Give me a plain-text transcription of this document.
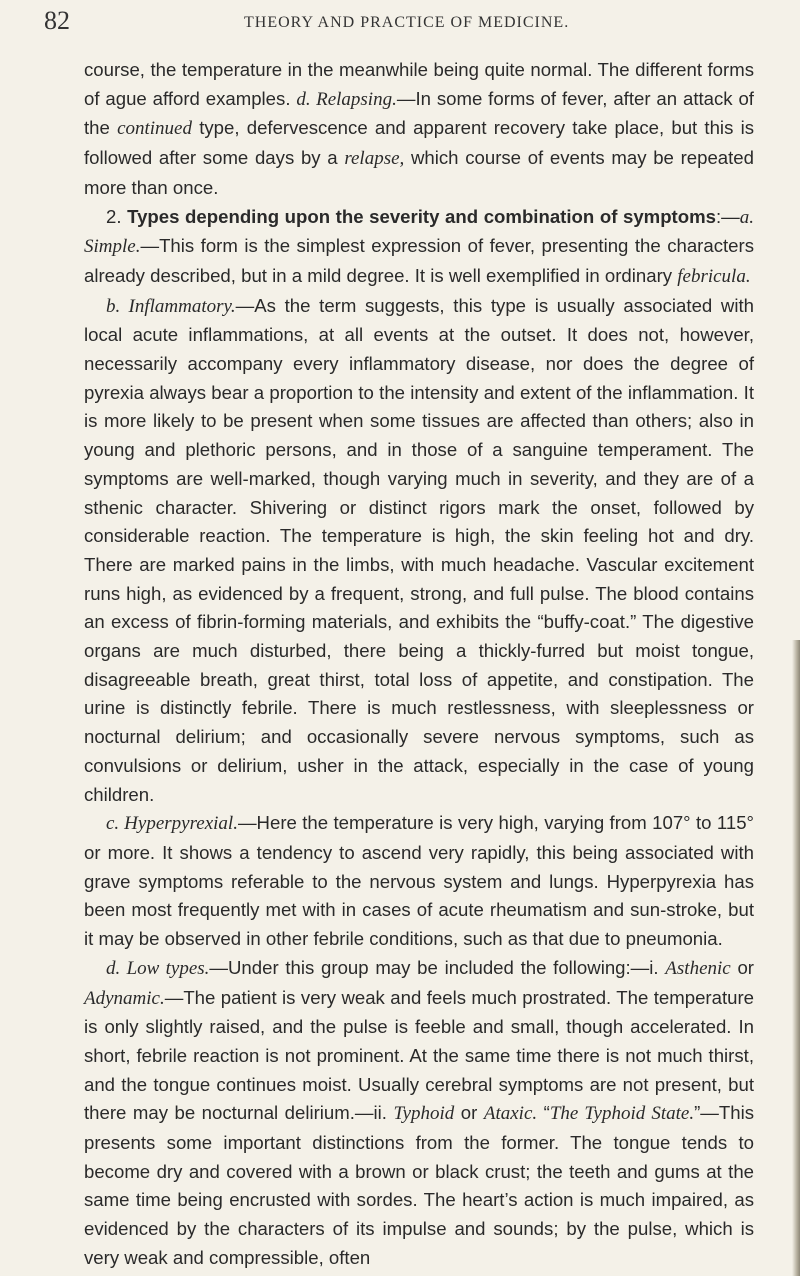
82	THEORY AND PRACTICE OF MEDICINE.

course, the temperature in the meanwhile being quite normal. The different forms of ague afford examples. d. Relapsing.—In some forms of fever, after an attack of the continued type, defervescence and apparent recovery take place, but this is followed after some days by a relapse, which course of events may be repeated more than once.

2. Types depending upon the severity and combination of symptoms:—a. Simple.—This form is the simplest expression of fever, presenting the characters already described, but in a mild degree. It is well exemplified in ordinary febricula.

b. Inflammatory.—As the term suggests, this type is usually associated with local acute inflammations, at all events at the outset. It does not, however, necessarily accompany every inflammatory disease, nor does the degree of pyrexia always bear a proportion to the intensity and extent of the inflammation. It is more likely to be present when some tissues are affected than others; also in young and plethoric persons, and in those of a sanguine temperament. The symptoms are well-marked, though varying much in severity, and they are of a sthenic character. Shivering or distinct rigors mark the onset, followed by considerable reaction. The temperature is high, the skin feeling hot and dry. There are marked pains in the limbs, with much headache. Vascular excitement runs high, as evidenced by a frequent, strong, and full pulse. The blood contains an excess of fibrin-forming materials, and exhibits the “buffy-coat.” The digestive organs are much disturbed, there being a thickly-furred but moist tongue, disagreeable breath, great thirst, total loss of appetite, and constipation. The urine is distinctly febrile. There is much restlessness, with sleeplessness or nocturnal delirium; and occasionally severe nervous symptoms, such as convulsions or delirium, usher in the attack, especially in the case of young children.

c. Hyperpyrexial.—Here the temperature is very high, varying from 107° to 115° or more. It shows a tendency to ascend very rapidly, this being associated with grave symptoms referable to the nervous system and lungs. Hyperpyrexia has been most frequently met with in cases of acute rheumatism and sun-stroke, but it may be observed in other febrile conditions, such as that due to pneumonia.

d. Low types.—Under this group may be included the following:—i. Asthenic or Adynamic.—The patient is very weak and feels much prostrated. The temperature is only slightly raised, and the pulse is feeble and small, though accelerated. In short, febrile reaction is not prominent. At the same time there is not much thirst, and the tongue continues moist. Usually cerebral symptoms are not present, but there may be nocturnal delirium.—ii. Typhoid or Ataxic. “The Typhoid State.”—This presents some important distinctions from the former. The tongue tends to become dry and covered with a brown or black crust; the teeth and gums at the same time being encrusted with sordes. The heart’s action is much impaired, as evidenced by the characters of its impulse and sounds; by the pulse, which is very weak and compressible, often
